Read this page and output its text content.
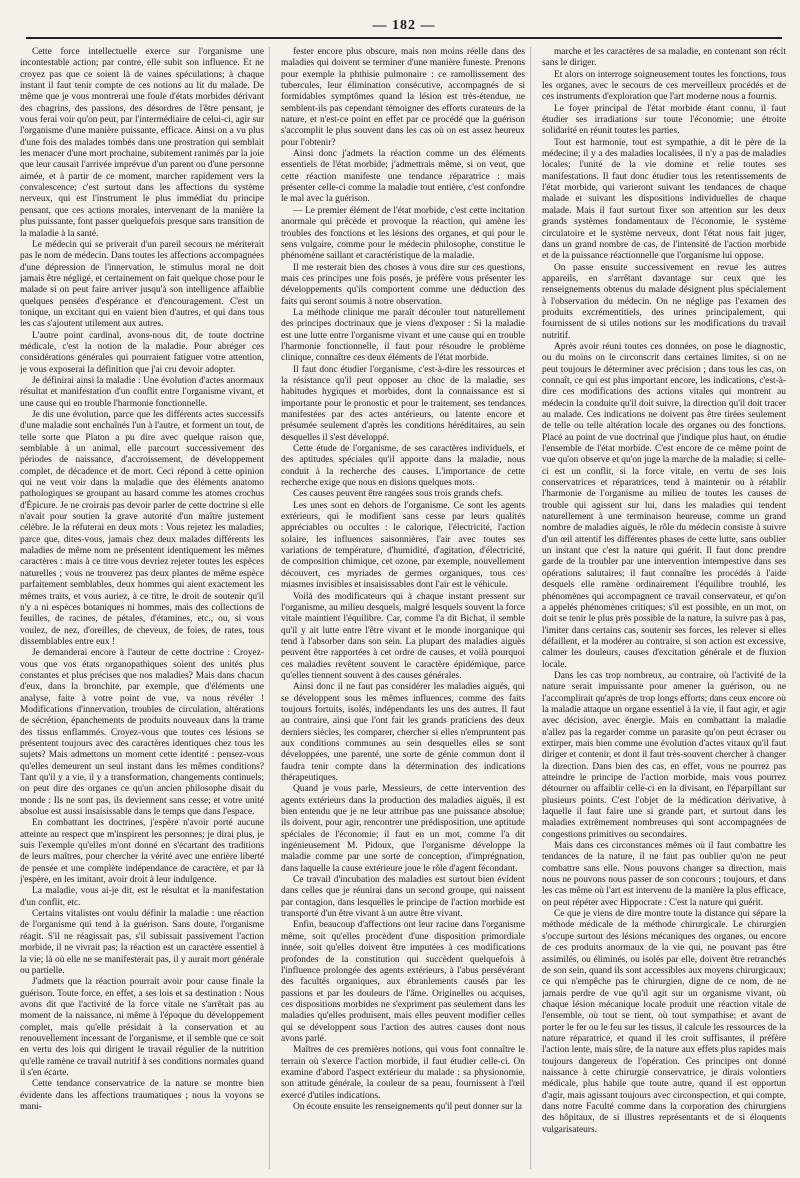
— 182 —

Cette force intellectuelle exerce sur l'organisme une incontestable action; par contre, elle subit son influence. Et ne croyez pas que ce soient là de vaines spéculations; à chaque instant il faut tenir compte de ces notions au lit du malade. De même que je vous montrerai une foule d'états morbides dérivant des chagrins, des passions, des désordres de l'être pensant, je vous ferai voir qu'on peut, par l'intermédiaire de celui-ci, agir sur l'organisme d'une manière puissante, efficace. Ainsi on a vu plus d'une fois des malades tombés dans une prostration qui semblait les menacer d'une mort prochaine, subitement ranimés par la joie que leur causait l'arrivée imprévue d'un parent ou d'une personne aimée, et à partir de ce moment, marcher rapidement vers la convalescence; c'est surtout dans les affections du système nerveux, qui est l'instrument le plus immédiat du principe pensant, que ces actions morales, intervenant de la manière la plus puissante, font passer quelquefois presque sans transition de la maladie à la santé.

Le médecin qui se priverait d'un pareil secours ne mériterait pas le nom de médecin. Dans toutes les affections accompagnées d'une dépression de l'innervation, le stimulus moral ne doit jamais être négligé, et certainement on fait quelque chose pour le malade si on peut faire arriver jusqu'à son intelligence affaiblie quelques pensées d'espérance et d'encouragement. C'est un tonique, un excitant qui en vaient bien d'autres, et qui dans tous les cas s'ajoutent utilement aux autres.

L'autre point cardinal, avons-nous dit, de toute doctrine médicale, c'est la notion de la maladie. Pour abréger ces considérations générales qui pourraient fatiguer votre attention, je vous exposerai la définition que j'ai cru devoir adopter.

Je définirai ainsi la maladie : Une évolution d'actes anormaux résultat et manifestation d'un conflit entre l'organisme vivant, et une cause qui en trouble l'harmonie fonctionnelle.

Je dis une évolution, parce que les différents actes successifs d'une maladie sont enchaînés l'un à l'autre, et forment un tout, de telle sorte que Platon a pu dire avec quelque raison que, semblable à un animal, elle parcourt successivement des périodes de naissance, d'accroissement, de développement complet, de décadence et de mort. Ceci répond à cette opinion qui ne veut voir dans la maladie que des éléments anatomo pathologiques se groupant au hasard comme les atomes crochus d'Épicure. Je ne croirais pas devoir parler de cette doctrine si elle n'avait pour soutien la grave autorité d'un maître justement célèbre. Je la réfuterai en deux mots : Vous rejetez les maladies, parce que, dites-vous, jamais chez deux malades différents les maladies de même nom ne présentent identiquement les mêmes caractères : mais à ce titre vous devriez rejeter toutes les espèces naturelles ; vous ne trouverez pas deux plantes de même espèce parfaitement semblables, deux hommes qui aient exactement les mêmes traits, et vous auriez, à ce titre, le droit de soutenir qu'il n'y a ni espèces botaniques ni hommes, mais des collections de feuilles, de racines, de pétales, d'étamines, etc., ou, si vous voulez, de nez, d'oreilles, de cheveux, de foies, de rates, tous dissemblables entre eux !

Je demanderai encore à l'auteur de cette doctrine : Croyez-vous que vos états organopathiques soient des unités plus constantes et plus précises que nos maladies? Mais dans chacun d'eux, dans la bronchite, par exemple, que d'éléments une analyse, faite à votre point de vue, va nous révéler ! Modifications d'innervation, troubles de circulation, altérations de sécrétion, épanchements de produits nouveaux dans la trame des tissus enflammés. Croyez-vous que toutes ces lésions se présentent toujours avec des caractères identiques chez tous les sujets? Mais admettons un moment cette identité : pensez-vous qu'elles demeurent un seul instant dans les mêmes conditions? Tant qu'il y a vie, il y a transformation, changements continuels; on peut dire des organes ce qu'un ancien philosophe disait du monde : Ils ne sont pas, ils deviennent sans cesse; et votre unité absolue est aussi insaisissable dans le temps que dans l'espace.

En combattant les doctrines, j'espère n'avoir porté aucune atteinte au respect que m'inspirent les personnes; je dirai plus, je suis l'exemple qu'elles m'ont donné en s'écartant des traditions de leurs maîtres, pour chercher la vérité avec une entière liberté de pensée et une complète indépendance de caractère, et par là j'espère, en les imitant, avoir droit à leur indulgence.

La maladie, vous ai-je dit, est le résultat et la manifestation d'un conflit, etc.

Certains vitalistes ont voulu définir la maladie : une réaction de l'organisme qui tend à la guérison. Sans doute, l'organisme réagit. S'il ne réagissait pas, s'il subissait passivement l'action morbide, il ne vivrait pas; la réaction est un caractère essentiel à la vie; là où elle ne se manifesterait pas, il y aurait mort générale ou partielle.

J'admets que la réaction pourrait avoir pour cause finale la guérison. Toute force, en effet, a ses lois et sa destination : Nous avons dit que l'activité de la force vitale ne s'arrêtait pas au moment de la naissance, ni même à l'époque du développement complet, mais qu'elle présidait à la conservation et au renouvellement incessant de l'organisme, et il semble que ce soit en vertu des lois qui dirigent le travail régulier de la nutrition qu'elle ramène ce travail nutritif à ses conditions normales quand il s'en écarte.

Cette tendance conservatrice de la nature se montre bien évidente dans les affections traumatiques ; nous la voyons se mani-

fester encore plus obscure, mais non moins réelle dans des maladies qui doivent se terminer d'une manière funeste. Prenons pour exemple la phthisie pulmonaire : ce ramollissement des tubercules, leur élimination consécutive, accompagnés de si formidables symptômes quand la lésion est très-étendue, ne semblent-ils pas cependant témoigner des efforts curateurs de la nature, et n'est-ce point en effet par ce procédé que la guérison s'accomplit le plus souvent dans les cas où on est assez heureux pour l'obtenir?

Ainsi donc j'admets la réaction comme un des éléments essentiels de l'état morbide; j'admettrais même, si on veut, que cette réaction manifeste une tendance réparatrice : mais présenter celle-ci comme la maladie tout entière, c'est confondre le mal avec la guérison.

— Le premier élément de l'état morbide, c'est cette incitation anormale qui précède et provoque la réaction, qui amène les troubles des fonctions et les lésions des organes, et qui pour le sens vulgaire, comme pour le médecin philosophe, constitue le phénomène saillant et caractéristique de la maladie.

Il me resterait bien des choses à vous dire sur ces questions, mais ces principes une fois posés, je préfère vous présenter les développements qu'ils comportent comme une déduction des faits qui seront soumis à notre observation.

La méthode clinique me paraît découler tout naturellement des principes doctrinaux que je viens d'exposer : Si la maladie est une lutte entre l'organisme vivant et une cause qui en trouble l'harmonie fonctionnelle, il faut pour résoudre le problème clinique, connaître ces deux éléments de l'état morbide.

Il faut donc étudier l'organisme, c'est-à-dire les ressources et la résistance qu'il peut opposer au choc de la maladie, ses habitudes hygiques et morbides, dont la connaissance est si importante pour le pronostic et pour le traitement, ses tendances manifestées par des actes antérieurs, ou latente encore et présumée seulement d'après les conditions héréditaires, au sein desquelles il s'est développé.

Cette étude de l'organisme, de ses caractères individuels, et des aptitudes spéciales qu'il apporte dans la maladie, nous conduit à la recherche des causes. L'importance de cette recherche exige que nous en disions quelques mots.

Ces causes peuvent être rangées sous trois grands chefs.

Les unes sont en dehors de l'organisme. Ce sont les agents extérieurs, qui le modifient sans cesse par leurs qualités appréciables ou occultes : le calorique, l'électricité, l'action solaire, les influences saisonnières, l'air avec toutes ses variations de température, d'humidité, d'agitation, d'électricité, de composition chimique, cet ozone, par exemple, nouvellement découvert, ces myriades de germes organiques, tous ces miasmes invisibles et insaisissables dont l'air est le véhicule.

Voilà des modificateurs qui à chaque instant pressent sur l'organisme, au milieu desquels, malgré lesquels souvent la force vitale maintient l'équilibre. Car, comme l'a dit Bichat, il semble qu'il y ait lutte entre l'être vivant et le monde inorganique qui tend à l'absorber dans son sein. La plupart des maladies aiguës peuvent être rapportées à cet ordre de causes, et voilà pourquoi ces maladies revêtent souvent le caractère épidémique, parce qu'elles tiennent souvent à des causes générales.

Ainsi donc il ne faut pas considérer les maladies aiguës, qui se développent sous les mêmes influences, comme des faits toujours fortuits, isolés, indépendants les uns des autres. Il faut au contraire, ainsi que l'ont fait les grands praticiens des deux derniers siècles, les comparer, chercher si elles n'empruntent pas aux conditions communes au sein desquelles elles se sont développées, une parenté, une sorte de génie commun dont il faudra tenir compte dans la détermination des indications thérapeutiques.

Quand je vous parle, Messieurs, de cette intervention des agents extérieurs dans la production des maladies aiguës, il est bien entendu que je ne leur attribue pas une puissance absolue; ils doivent, pour agir, rencontrer une prédisposition, une aptitude spéciales de l'économie; il faut en un mot, comme l'a dit ingénieusement M. Pidoux, que l'organisme développe la maladie comme par une sorte de conception, d'imprégnation, dans laquelle la cause extérieure joue le rôle d'agent fécondant.

Ce travail d'incubation des maladies est surtout bien évident dans celles que je réunirai dans un second groupe, qui naissent par contagion, dans lesquelles le principe de l'action morbide est transporté d'un être vivant à un autre être vivant.

Enfin, beaucoup d'affections ont leur racine dans l'organisme même, soit qu'elles procèdent d'une disposition primordiale innée, soit qu'elles doivent être imputées à ces modifications profondes de la constitution qui succèdent quelquefois à l'influence prolongée des agents extérieurs, à l'abus persévérant des facultés organiques, aux ébranlements causés par les passions et par les douleurs de l'âme. Originelles ou acquises, ces dispositions morbides ne s'expriment pas seulement dans les maladies qu'elles produisent, mais elles peuvent modifier celles qui se développent sous l'action des autres causes dont nous avons parlé.

Maîtres de ces premières notions, qui vous font connaître le terrain où s'exerce l'action morbide, il faut étudier celle-ci. On examine d'abord l'aspect extérieur du malade : sa physionomie, son attitude générale, la couleur de sa peau, fournissent à l'œil exercé d'utiles indications.

On écoute ensuite les renseignements qu'il peut donner sur la

marche et les caractères de sa maladie, en contenant son récit sans le diriger.

Et alors on interroge soigneusement toutes les fonctions, tous les organes, avec le secours de ces merveilleux procédés et de ces instruments d'exploration que l'art moderne nous a fournis.

Le foyer principal de l'état morbide étant connu, il faut étudier ses irradiations sur toute l'économie; une étroite solidarité en réunit toutes les parties.

Tout est harmonie, tout est sympathie, a dit le père de la médecine; il y a des maladies localisées, il n'y a pas de maladies locales; l'unité de la vie domine et relie toutes ses manifestations. Il faut donc étudier tous les retentissements de l'état morbide, qui varieront suivant les tendances de chaque malade et suivant les dispositions individuelles de chaque malade. Mais il faut surtout fixer son attention sur les deux grands systèmes fondamentaux de l'économie, le système circulatoire et le système nerveux, dont l'état nous fait juger, dans un grand nombre de cas, de l'intensité de l'action morbide et de la puissance réactionnelle que l'organisme lui oppose.

On passe ensuite successivement en revue les autres appareils, en s'arrêtant davantage sur ceux que les renseignements obtenus du malade désignent plus spécialement à l'observation du médecin. On ne néglige pas l'examen des produits excrémentitiels, des urines principalement, qui fournissent de si utiles notions sur les modifications du travail nutritif.

Après avoir réuni toutes ces données, on pose le diagnostic, ou du moins on le circonscrit dans certaines limites, si on ne peut toujours le déterminer avec précision ; dans tous les cas, on connaît, ce qui est plus important encore, les indications, c'est-à-dire ces modifications des actions vitales qui montrent au médecin la conduite qu'il doit suivre, la direction qu'il doit tracer au malade. Ces indications ne doivent pas être tirées seulement de telle ou telle altération locale des organes ou des fonctions. Placé au point de vue doctrinal que j'indique plus haut, on étudie l'ensemble de l'état morbide. C'est encore de ce même point de vue qu'on observe et qu'on juge la marche de la maladie; si celle-ci est un conflit, si la force vitale, en vertu de ses lois conservatrices et réparatrices, tend à maintenir ou à rétablir l'harmonie de l'organisme au milieu de toutes les causes de trouble qui agissent sur lui, dans les maladies qui tendent naturellement à une terminaison heureuse, comme un grand nombre de maladies aiguës, le rôle du médecin consiste à suivre d'un œil attentif les différentes phases de cette lutte, sans oublier un instant que c'est la nature qui guérit. Il faut donc prendre garde de la troubler par une intervention intempestive dans ses opérations salutaires; il faut connaître les procédés à l'aide desquels elle ramène ordinairement l'équilibre troublé, les phénomènes qui accompagnent ce travail conservateur, et qu'on a appelés phénomènes critiques; s'il est possible, en un mot, on doit se tenir le plus près possible de la nature, la suivre pas à pas, l'imiter dans certains cas, soutenir ses forces, les relever si elles défaillent, et la modérer au contraire, si son action est excessive, calmer les douleurs, causes d'excitation générale et de fluxion locale.

Dans les cas trop nombreux, au contraire, où l'activité de la nature serait impuissante pour amener la guérison, ou ne l'accomplirait qu'après de trop longs efforts; dans ceux encore où la maladie attaque un organe essentiel à la vie, il faut agir, et agir avec décision, avec énergie. Mais en combattant la maladie n'allez pas la regarder comme un parasite qu'on peut écraser ou extirper, mais bien comme une évolution d'actes vitaux qu'il faut diriger et contenir, et dont il faut très-souvent chercher à changer la direction. Dans bien des cas, en effet, vous ne pourrez pas atteindre le principe de l'action morbide, mais vous pourrez détourner ou affaiblir celle-ci en la divisant, en l'éparpillant sur plusieurs points. C'est l'objet de la médication dérivative, à laquelle il faut faire une si grande part, et surtout dans les maladies extrêmement nombreuses qui sont accompagnées de congestions primitives ou secondaires.

Mais dans ces circonstances mêmes où il faut combattre les tendances de la nature, il ne faut pas oublier qu'on ne peut combattre sans elle. Nous pouvons changer sa direction, mais nous ne pouvons nous passer de son concours ; toujours, et dans les cas même où l'art est intervenu de la manière la plus efficace, on peut répéter avec Hippocrate : C'est la nature qui guérit.

Ce que je viens de dire montre toute la distance qui sépare la méthode médicale de la méthode chirurgicale. Le chirurgien s'occupe surtout des lésions mécaniques des organes, ou encore de ces produits anormaux de la vie qui, ne pouvant pas être assimilés, ou éliminés, ou isolés par elle, doivent être retranchés de son sein, quand ils sont accessibles aux moyens chirurgicaux; ce qui n'empêche pas le chirurgien, digne de ce nom, de ne jamais perdre de vue qu'il agit sur un organisme vivant, où chaque lésion mécanique locale produit une réaction vitale de l'ensemble, où tout se tient, où tout sympathise; et avant de porter le fer ou le feu sur les tissus, il calcule les ressources de la nature réparatrice, et quand il les croit suffisantes, il préfère l'action lente, mais sûre, de la nature aux effets plus rapides mais toujours dangereux de l'opération. Ces principes ont donné naissance à cette chirurgie conservatrice, je dirais volontiers médicale, plus habile que toute autre, quand il est opportun d'agir, mais agissant toujours avec circonspection, et qui compte, dans notre Faculté comme dans la corporation des chirurgiens des hôpitaux, de si illustres représentants et de si éloquents vulgarisateurs.
